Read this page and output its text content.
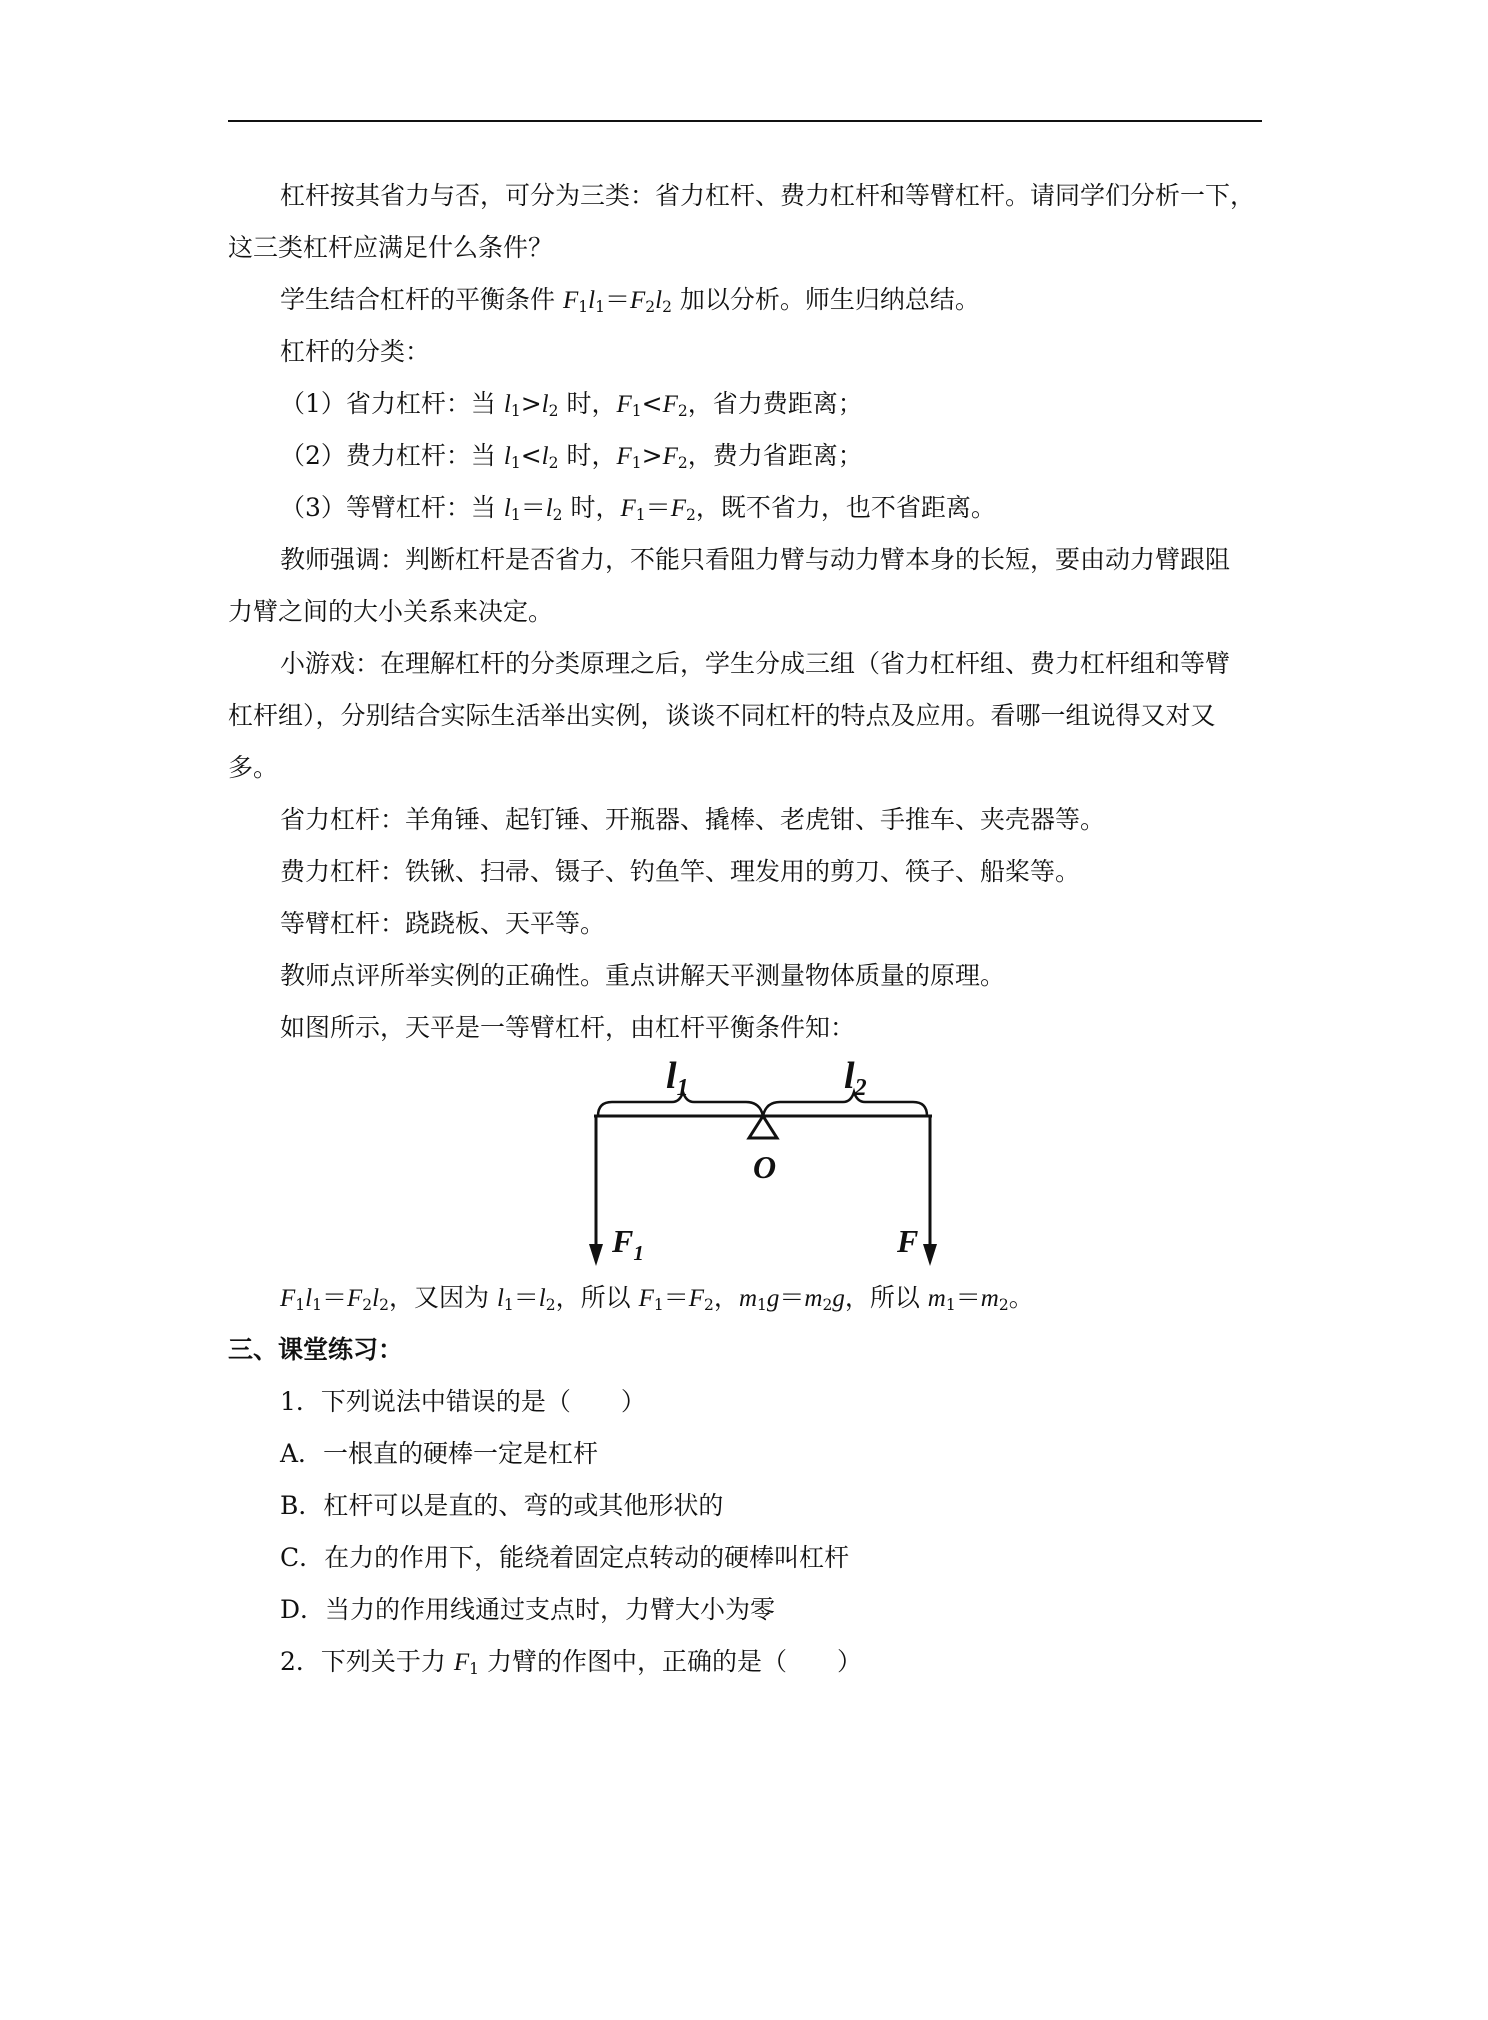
杠杆按其省力与否，可分为三类：省力杠杆、费力杠杆和等臂杠杆。请同学们分析一下，
这三类杠杆应满足什么条件？
学生结合杠杆的平衡条件 $F_1l_1=F_2l_2$ 加以分析。师生归纳总结。
杠杆的分类：
（1）省力杠杆：当 $l_1>l_2$ 时，$F_1<F_2$，省力费距离；
（2）费力杠杆：当 $l_1<l_2$ 时，$F_1>F_2$，费力省距离；
（3）等臂杠杆：当 $l_1=l_2$ 时，$F_1=F_2$，既不省力，也不省距离。
教师强调：判断杠杆是否省力，不能只看阻力臂与动力臂本身的长短，要由动力臂跟阻
力臂之间的大小关系来决定。
小游戏：在理解杠杆的分类原理之后，学生分成三组（省力杠杆组、费力杠杆组和等臂
杠杆组），分别结合实际生活举出实例，谈谈不同杠杆的特点及应用。看哪一组说得又对又
多。
省力杠杆：羊角锤、起钉锤、开瓶器、撬棒、老虎钳、手推车、夹壳器等。
费力杠杆：铁锹、扫帚、镊子、钓鱼竿、理发用的剪刀、筷子、船桨等。
等臂杠杆：跷跷板、天平等。
教师点评所举实例的正确性。重点讲解天平测量物体质量的原理。
如图所示，天平是一等臂杠杆，由杠杆平衡条件知：
l1	l2
O
$F_1$	F
$F_1l_1=F_2l_2$，又因为 $l_1=l_2$，所以 $F_1=F_2$，$m_1g=m_2g$，所以 $m_1=m_2$。
三、课堂练习：
1．下列说法中错误的是（　　）
A．一根直的硬棒一定是杠杆
B．杠杆可以是直的、弯的或其他形状的
C．在力的作用下，能绕着固定点转动的硬棒叫杠杆
D．当力的作用线通过支点时，力臂大小为零
2．下列关于力 $F_1$ 力臂的作图中，正确的是（　　）
